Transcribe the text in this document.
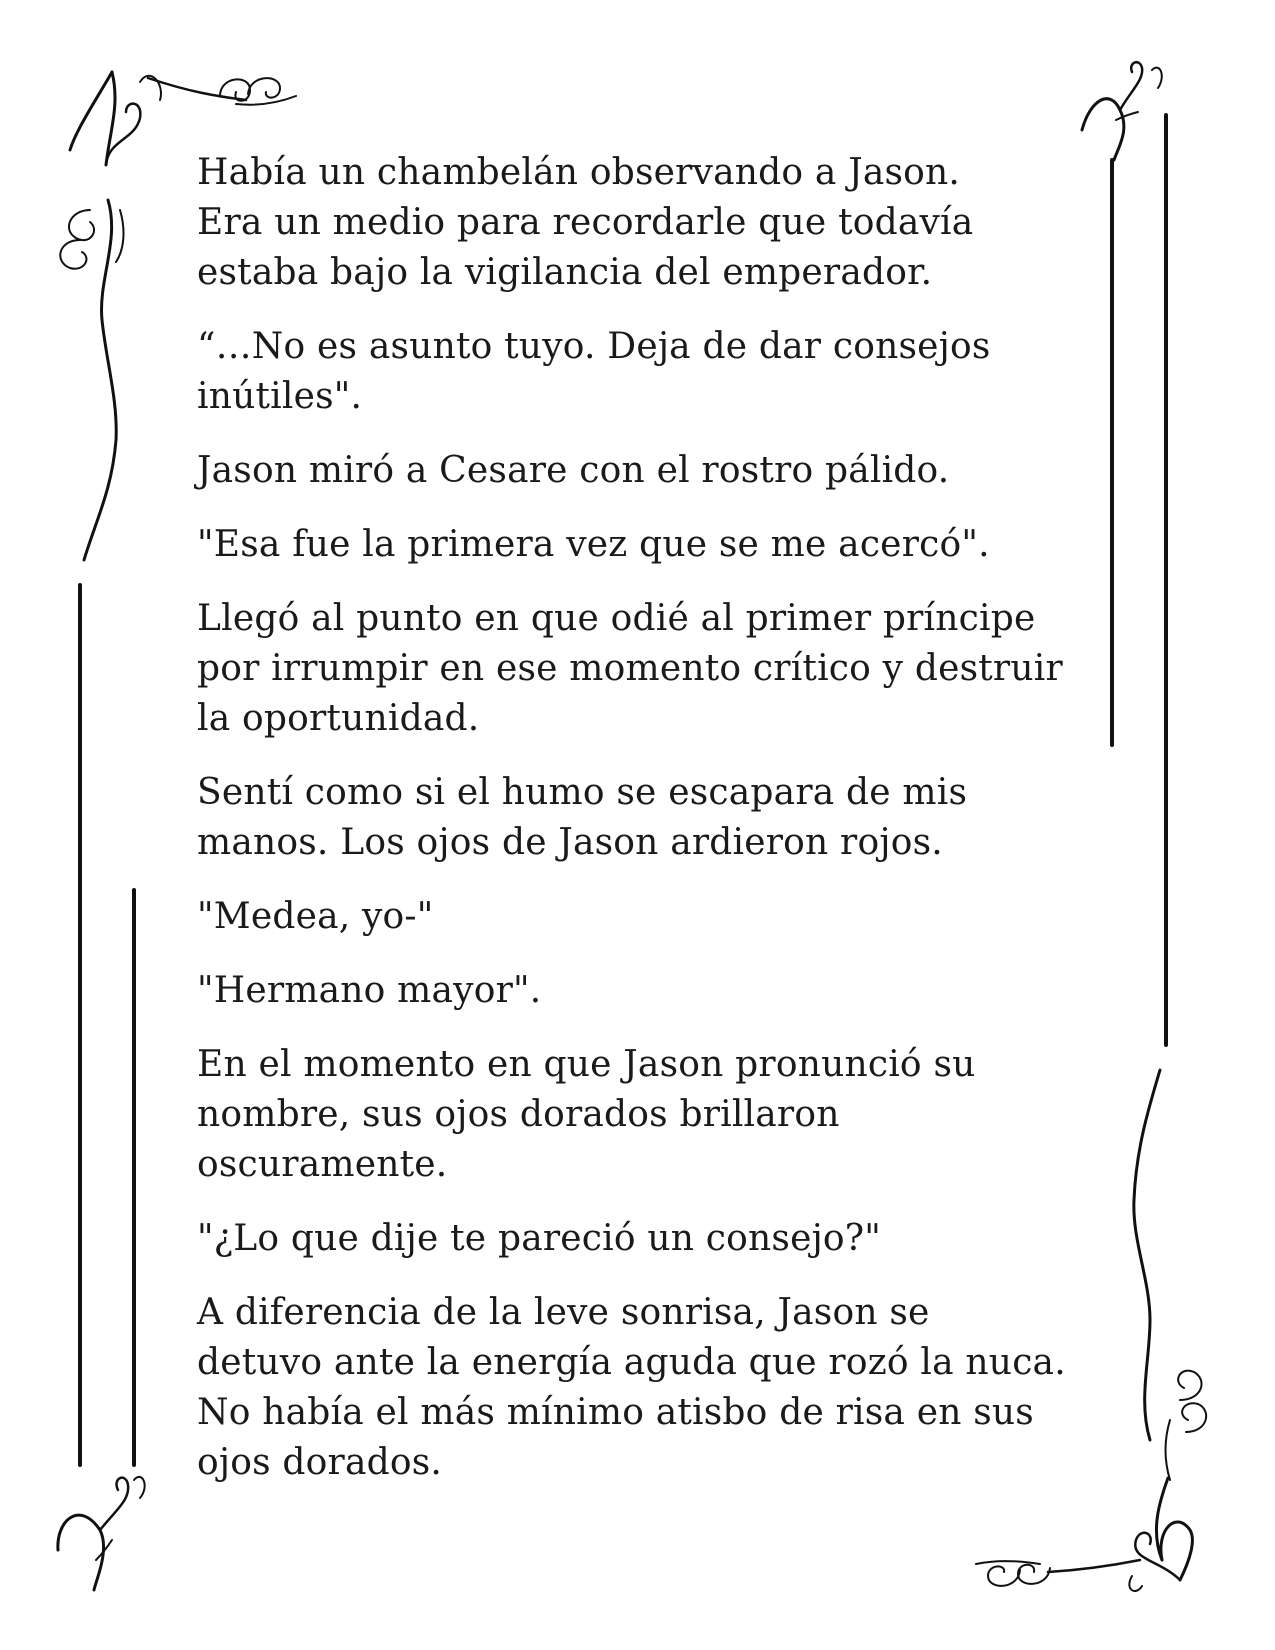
Había un chambelán observando a Jason.
Era un medio para recordarle que todavía
estaba bajo la vigilancia del emperador.

“…No es asunto tuyo. Deja de dar consejos
inútiles".

Jason miró a Cesare con el rostro pálido.

"Esa fue la primera vez que se me acercó".

Llegó al punto en que odié al primer príncipe
por irrumpir en ese momento crítico y destruir
la oportunidad.

Sentí como si el humo se escapara de mis
manos. Los ojos de Jason ardieron rojos.

"Medea, yo-"

"Hermano mayor".

En el momento en que Jason pronunció su
nombre, sus ojos dorados brillaron
oscuramente.

"¿Lo que dije te pareció un consejo?"

A diferencia de la leve sonrisa, Jason se
detuvo ante la energía aguda que rozó la nuca.
No había el más mínimo atisbo de risa en sus
ojos dorados.
